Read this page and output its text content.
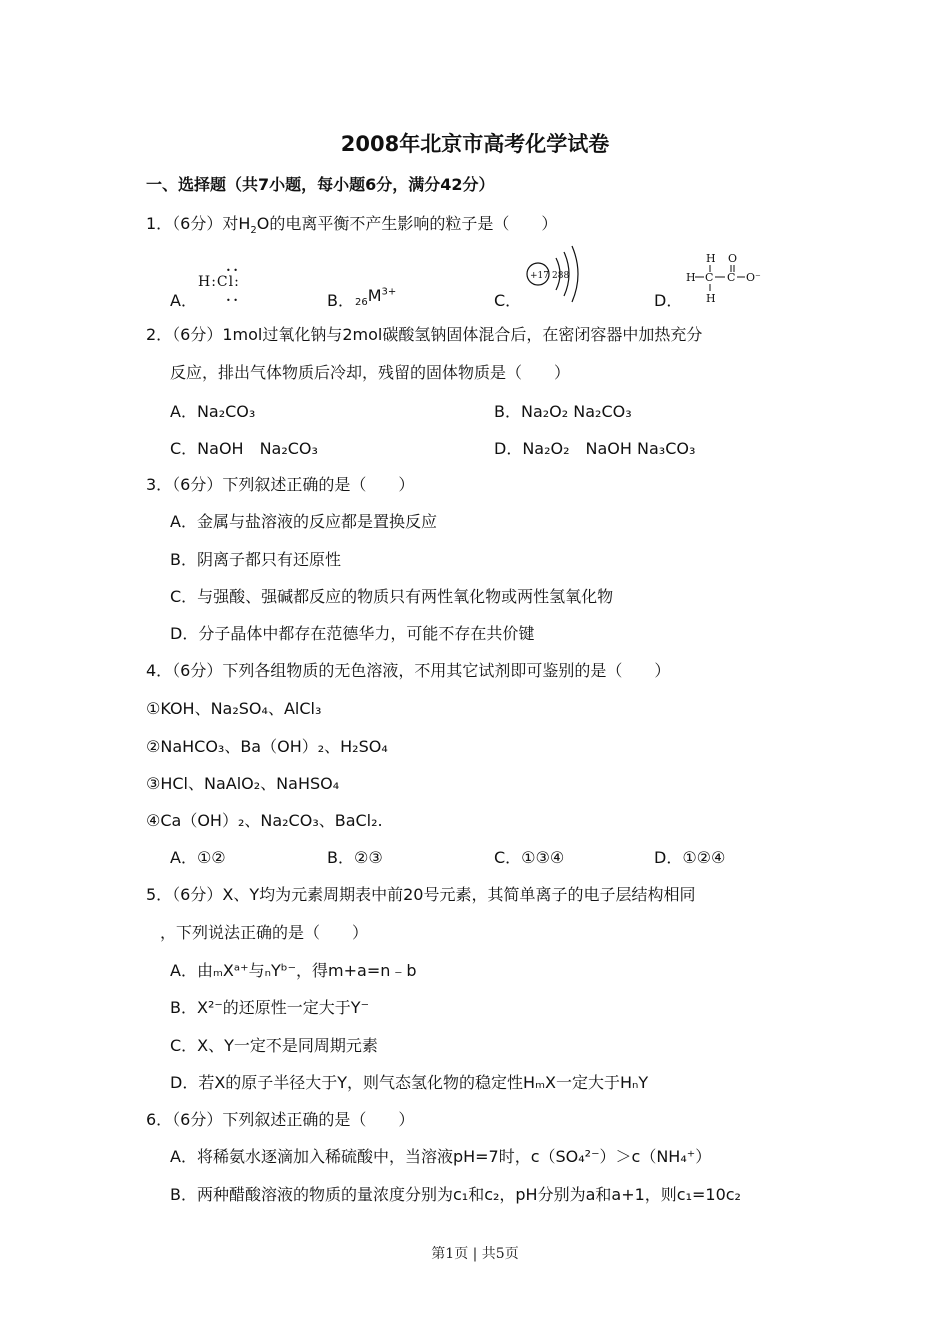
2008年北京市高考化学试卷
一、选择题（共7小题，每小题6分，满分42分）
1．（6分）对$H_2O$的电离平衡不产生影响的粒子是（　　）
A．
H:Cl:
• •
• •	B． $_{26}M^{3+}$	C．
+17 288
D．
H O
H C C O⁻
H
2．（6分）1mol过氧化钠与2mol碳酸氢钠固体混合后，在密闭容器中加热充分
反应，排出气体物质后冷却，残留的固体物质是（　　）
A．Na₂CO₃	B．Na₂O₂ Na₂CO₃
C．NaOH　Na₂CO₃	D．Na₂O₂　NaOH Na₃CO₃
3．（6分）下列叙述正确的是（　　）
A．金属与盐溶液的反应都是置换反应
B．阴离子都只有还原性
C．与强酸、强碱都反应的物质只有两性氧化物或两性氢氧化物
D．分子晶体中都存在范德华力，可能不存在共价键
4．（6分）下列各组物质的无色溶液，不用其它试剂即可鉴别的是（　　）
①KOH、Na₂SO₄、AlCl₃
②NaHCO₃、Ba（OH）₂、H₂SO₄
③HCl、NaAlO₂、NaHSO₄
④Ca（OH）₂、Na₂CO₃、BaCl₂.
A．①②	B．②③	C．①③④	D．①②④
5．（6分）X、Y均为元素周期表中前20号元素，其简单离子的电子层结构相同
，下列说法正确的是（　　）
A．由ₘXᵃ⁺与ₙYᵇ⁻，得m+a=n﹣b
B．X²⁻的还原性一定大于Y⁻
C．X、Y一定不是同周期元素
D．若X的原子半径大于Y，则气态氢化物的稳定性HₘX一定大于HₙY
6．（6分）下列叙述正确的是（　　）
A．将稀氨水逐滴加入稀硫酸中，当溶液pH=7时，c（SO₄²⁻）＞c（NH₄⁺）
B．两种醋酸溶液的物质的量浓度分别为c₁和c₂，pH分别为a和a+1，则c₁=10c₂
第1页 | 共5页
